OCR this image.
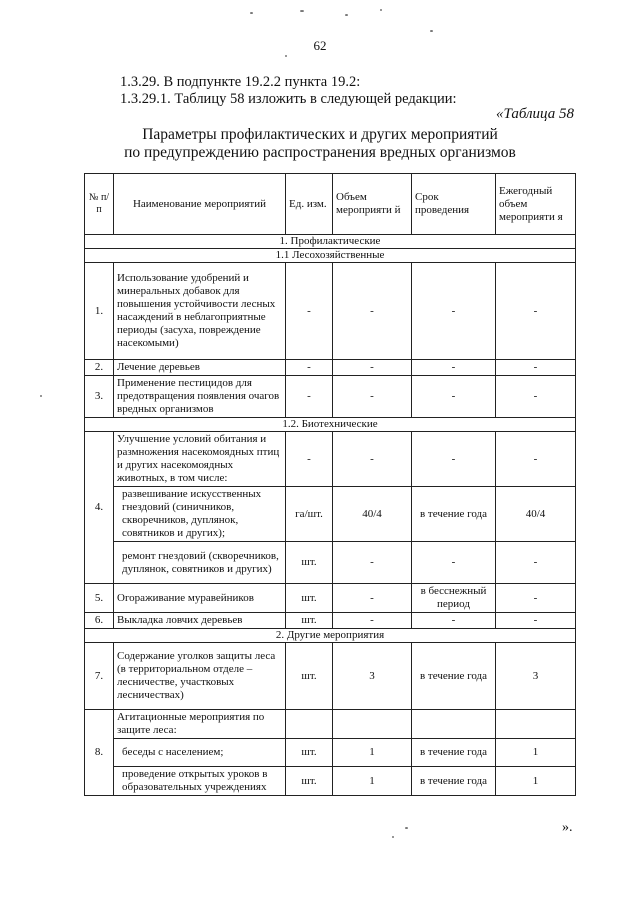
62
1.3.29. В подпункте 19.2.2 пункта 19.2:
1.3.29.1. Таблицу 58 изложить в следующей редакции:
«Таблица 58
Параметры профилактических и других мероприятий
по предупреждению распространения вредных организмов
№ п/п	Наименование мероприятий	Ед. изм.	Объем мероприяти й	Срок проведения	Ежегодный объем мероприяти я
1. Профилактические					
1.1 Лесохозяйственные					
1.	Использование удобрений и минеральных добавок для повышения устойчивости лесных насаждений в неблагоприятные периоды (засуха, повреждение насекомыми)	-	-	-	-
2.	Лечение деревьев	-	-	-	-
3.	Применение пестицидов для предотвращения появления очагов вредных организмов	-	-	-	-
1.2. Биотехнические					
4.	Улучшение условий обитания и размножения насекомоядных птиц и других насекомоядных животных, в том числе:	-	-	-	-
	развешивание искусственных гнездовий (синичников, скворечников, дуплянок, совятников и других);	га/шт.	40/4	в течение года	40/4
	ремонт гнездовий (скворечников, дуплянок, совятников и других)	шт.	-	-	-
5.	Огораживание муравейников	шт.	-	в бесснежный период	-
6.	Выкладка ловчих деревьев	шт.	-	-	-
2. Другие мероприятия					
7.	Содержание уголков защиты леса (в территориальном отделе – лесничестве, участковых лесничествах)	шт.	3	в течение года	3
8.	Агитационные мероприятия по защите леса:				
	беседы с населением;	шт.	1	в течение года	1
	проведение открытых уроков в образовательных учреждениях	шт.	1	в течение года	1
».
